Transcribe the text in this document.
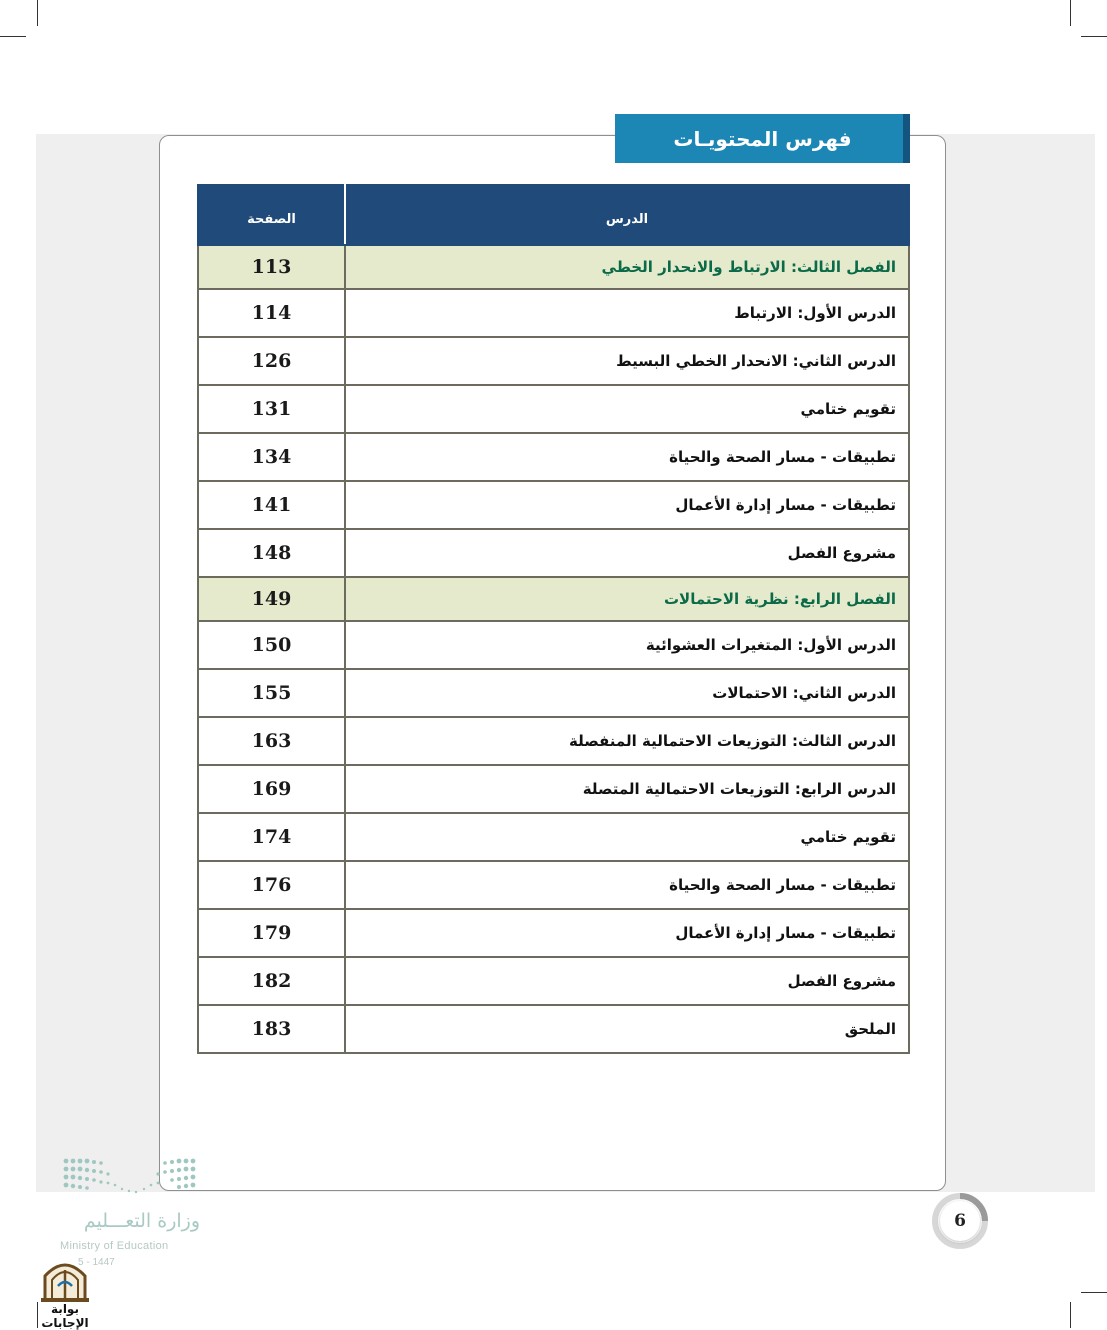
فهرس المحتويـات
الصفحة	الدرس
113	الفصل الثالث: الارتباط والانحدار الخطي
114	الدرس الأول: الارتباط
126	الدرس الثاني: الانحدار الخطي البسيط
131	تقويم ختامي
134	تطبيقات - مسار الصحة والحياة
141	تطبيقات - مسار إدارة الأعمال
148	مشروع الفصل
149	الفصل الرابع: نظرية الاحتمالات
150	الدرس الأول: المتغيرات العشوائية
155	الدرس الثاني: الاحتمالات
163	الدرس الثالث: التوزيعات الاحتمالية المنفصلة
169	الدرس الرابع: التوزيعات الاحتمالية المتصلة
174	تقويم ختامي
176	تطبيقات - مسار الصحة والحياة
179	تطبيقات - مسار إدارة الأعمال
182	مشروع الفصل
183	الملحق
وزارة التعـــليم
Ministry of Education
5 - 1447
بوابة الإجابات
6
